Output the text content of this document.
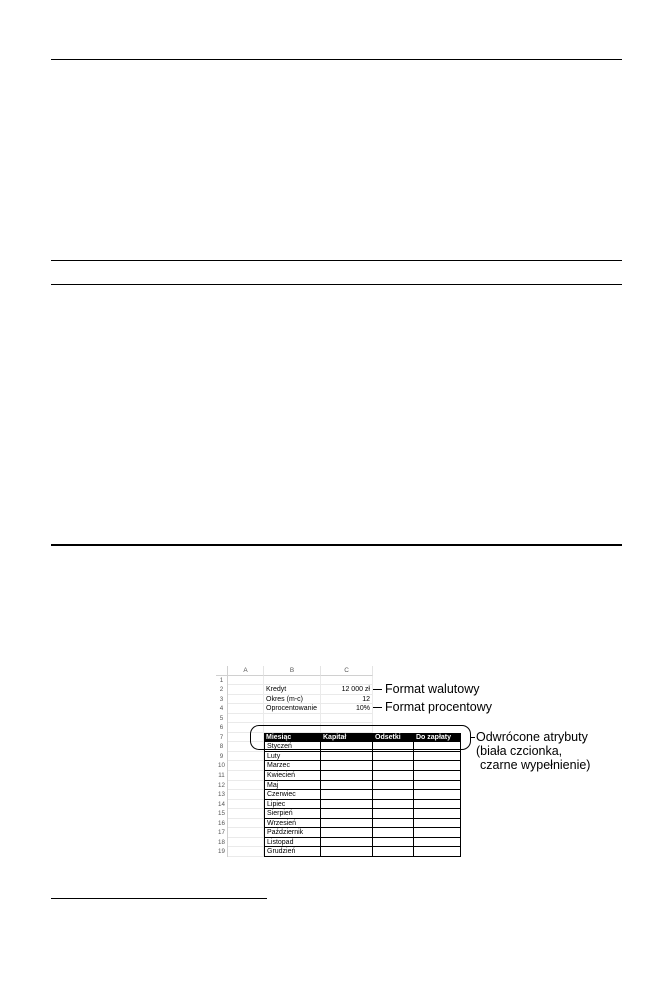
A	B	C
1
2	Kredyt	12 000 zł
3	Okres (m-c)	12
4	Oprocentowanie	10%
5
6
7	Miesiąc	Kapitał	Odsetki	Do zapłaty
8	Styczeń
9	Luty
10	Marzec
11	Kwiecień
12	Maj
13	Czerwiec
14	Lipiec
15	Sierpień
16	Wrzesień
17	Październik
18	Listopad
19	Grudzień
Format walutowy
Format procentowy
Odwrócone atrybuty
(biała czcionka,
czarne wypełnienie)
